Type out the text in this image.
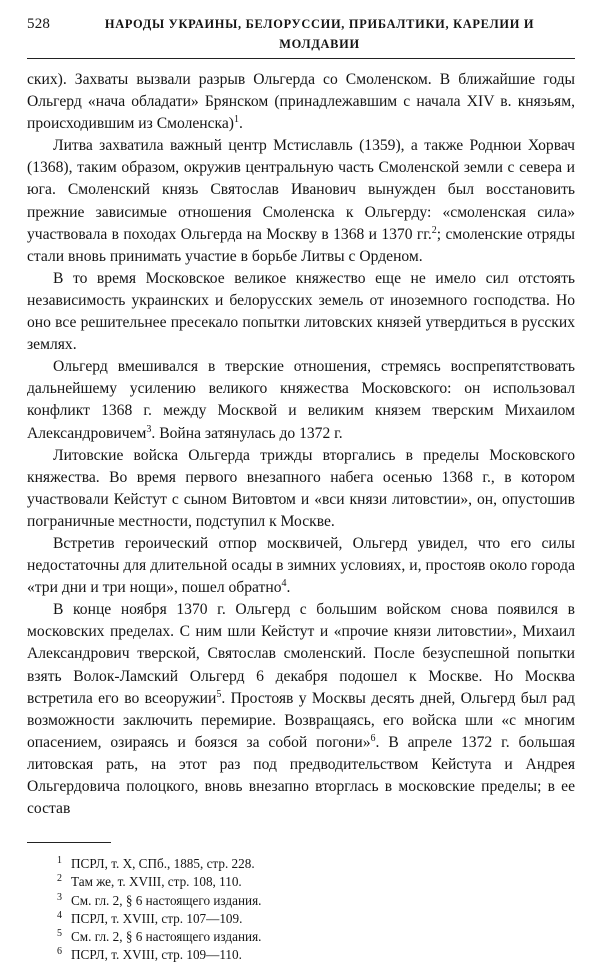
528	НАРОДЫ УКРАИНЫ, БЕЛОРУССИИ, ПРИБАЛТИКИ, КАРЕЛИИ И МОЛДАВИИ

ских). Захваты вызвали разрыв Ольгерда со Смоленском. В ближайшие годы Ольгерд «нача обладати» Брянском (принадлежавшим с начала XIV в. князьям, происходившим из Смоленска)$^1$.

Литва захватила важный центр Мстиславль (1359), а также Роднюи Хорвач (1368), таким образом, окружив центральную часть Смоленской земли с севера и юга. Смоленский князь Святослав Иванович вынужден был восстановить прежние зависимые отношения Смоленска к Ольгерду: «смоленская сила» участвовала в походах Ольгерда на Москву в 1368 и 1370 гг.$^2$; смоленские отряды стали вновь принимать участие в борьбе Литвы с Орденом.

В то время Московское великое княжество еще не имело сил отстоять независимость украинских и белорусских земель от иноземного господства. Но оно все решительнее пресекало попытки литовских князей утвердиться в русских землях.

Ольгерд вмешивался в тверские отношения, стремясь воспрепятствовать дальнейшему усилению великого княжества Московского: он использовал конфликт 1368 г. между Москвой и великим князем тверским Михаилом Александровичем$^3$. Война затянулась до 1372 г.

Литовские войска Ольгерда трижды вторгались в пределы Московского княжества. Во время первого внезапного набега осенью 1368 г., в котором участвовали Кейстут с сыном Витовтом и «вси князи литовстии», он, опустошив пограничные местности, подступил к Москве.

Встретив героический отпор москвичей, Ольгерд увидел, что его силы недостаточны для длительной осады в зимних условиях, и, простояв около города «три дни и три нощи», пошел обратно$^4$.

В конце ноября 1370 г. Ольгерд с большим войском снова появился в московских пределах. С ним шли Кейстут и «прочие князи литовстии», Михаил Александрович тверской, Святослав смоленский. После безуспешной попытки взять Волок-Ламский Ольгерд 6 декабря подошел к Москве. Но Москва встретила его во всеоружии$^5$. Простояв у Москвы десять дней, Ольгерд был рад возможности заключить перемирие. Возвращаясь, его войска шли «с многим опасением, озираясь и боязся за собой погони»$^6$. В апреле 1372 г. большая литовская рать, на этот раз под предводительством Кейстута и Андрея Ольгердовича полоцкого, вновь внезапно вторглась в московские пределы; в ее состав

1 ПСРЛ, т. X, СПб., 1885, стр. 228.
2 Там же, т. XVIII, стр. 108, 110.
3 См. гл. 2, § 6 настоящего издания.
4 ПСРЛ, т. XVIII, стр. 107—109.
5 См. гл. 2, § 6 настоящего издания.
6 ПСРЛ, т. XVIII, стр. 109—110.
